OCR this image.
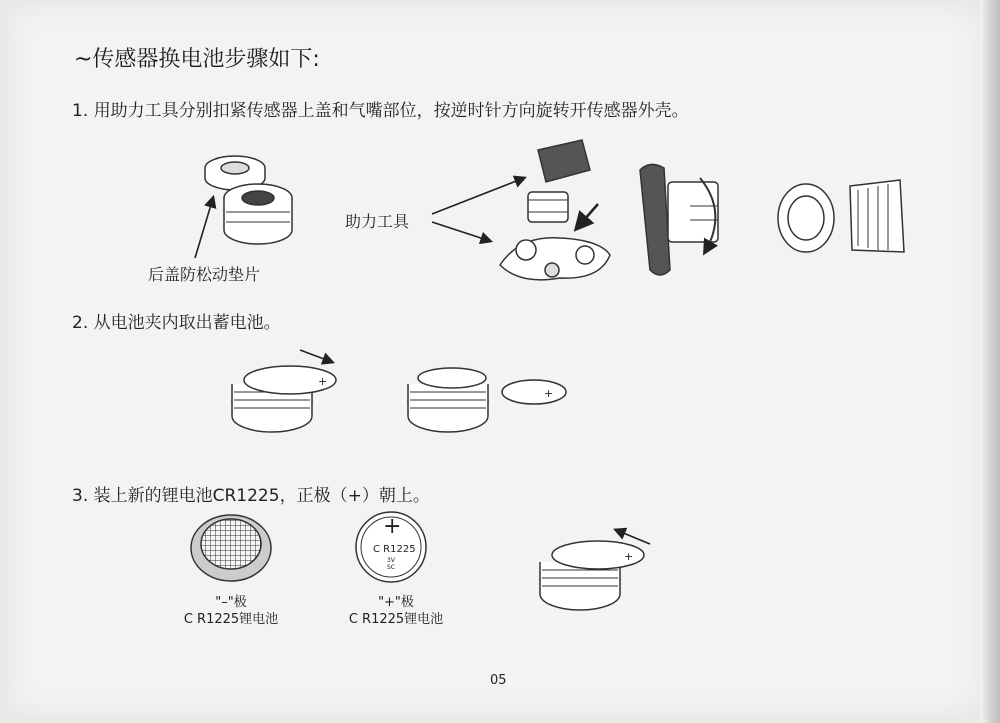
~传感器换电池步骤如下:
1. 用助力工具分别扣紧传感器上盖和气嘴部位，按逆时针方向旋转开传感器外壳。
2. 从电池夹内取出蓄电池。
3. 装上新的锂电池CR1225，正极（+）朝上。
后盖防松动垫片
助力工具
+
+
+
+
C R1225
3V
SC
"–"极
C R1225锂电池
"+"极
C R1225锂电池
05
